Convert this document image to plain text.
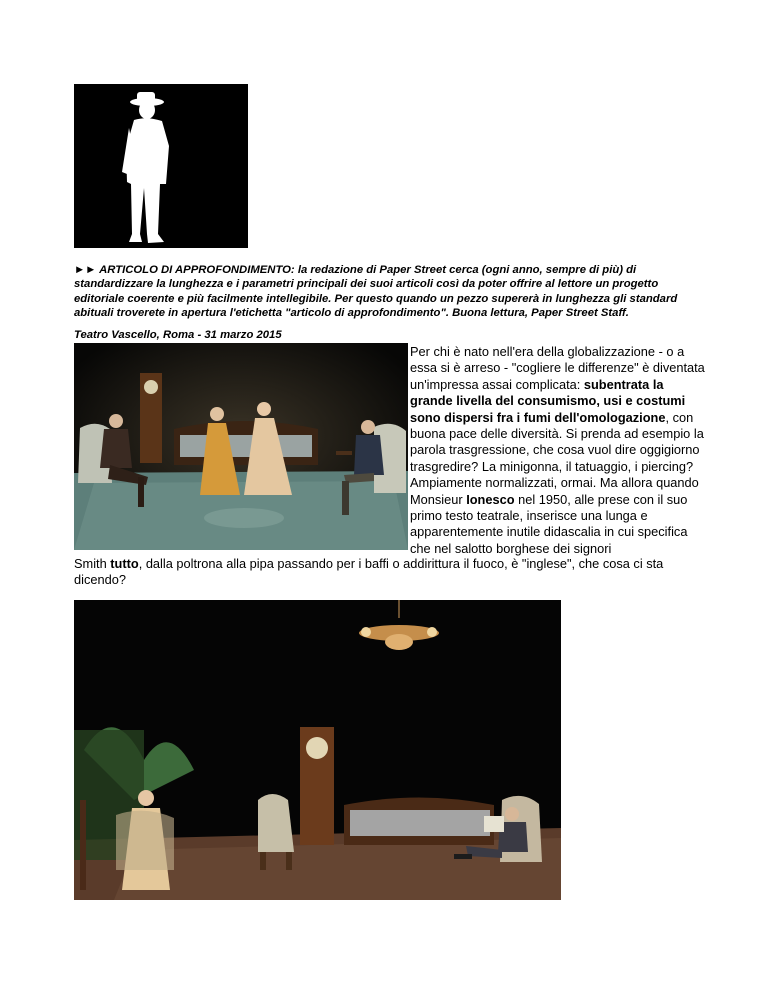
[paper street]
►► ARTICOLO DI APPROFONDIMENTO: la redazione di Paper Street cerca (ogni anno, sempre di più) di standardizzare la lunghezza e i parametri principali dei suoi articoli così da poter offrire al lettore un progetto editoriale coerente e più facilmente intellegibile. Per questo quando un pezzo supererà in lunghezza gli standard abituali troverete in apertura l'etichetta "articolo di approfondimento". Buona lettura, Paper Street Staff.
Teatro Vascello, Roma - 31 marzo 2015
Per chi è nato nell'era della globalizzazione - o a essa si è arreso - "cogliere le differenze" è diventata un'impressa assai complicata: subentrata la grande livella del consumismo, usi e costumi sono dispersi fra i fumi dell'omologazione, con buona pace delle diversità. Si prenda ad esempio la parola trasgressione, che cosa vuol dire oggigiorno trasgredire? La minigonna, il tatuaggio, i piercing? Ampiamente normalizzati, ormai. Ma allora quando Monsieur Ionesco nel 1950, alle prese con il suo primo testo teatrale, inserisce una lunga e apparentemente inutile didascalia in cui specifica che nel salotto borghese dei signori
Smith tutto, dalla poltrona alla pipa passando per i baffi o addirittura il fuoco, è "inglese", che cosa ci sta dicendo?
